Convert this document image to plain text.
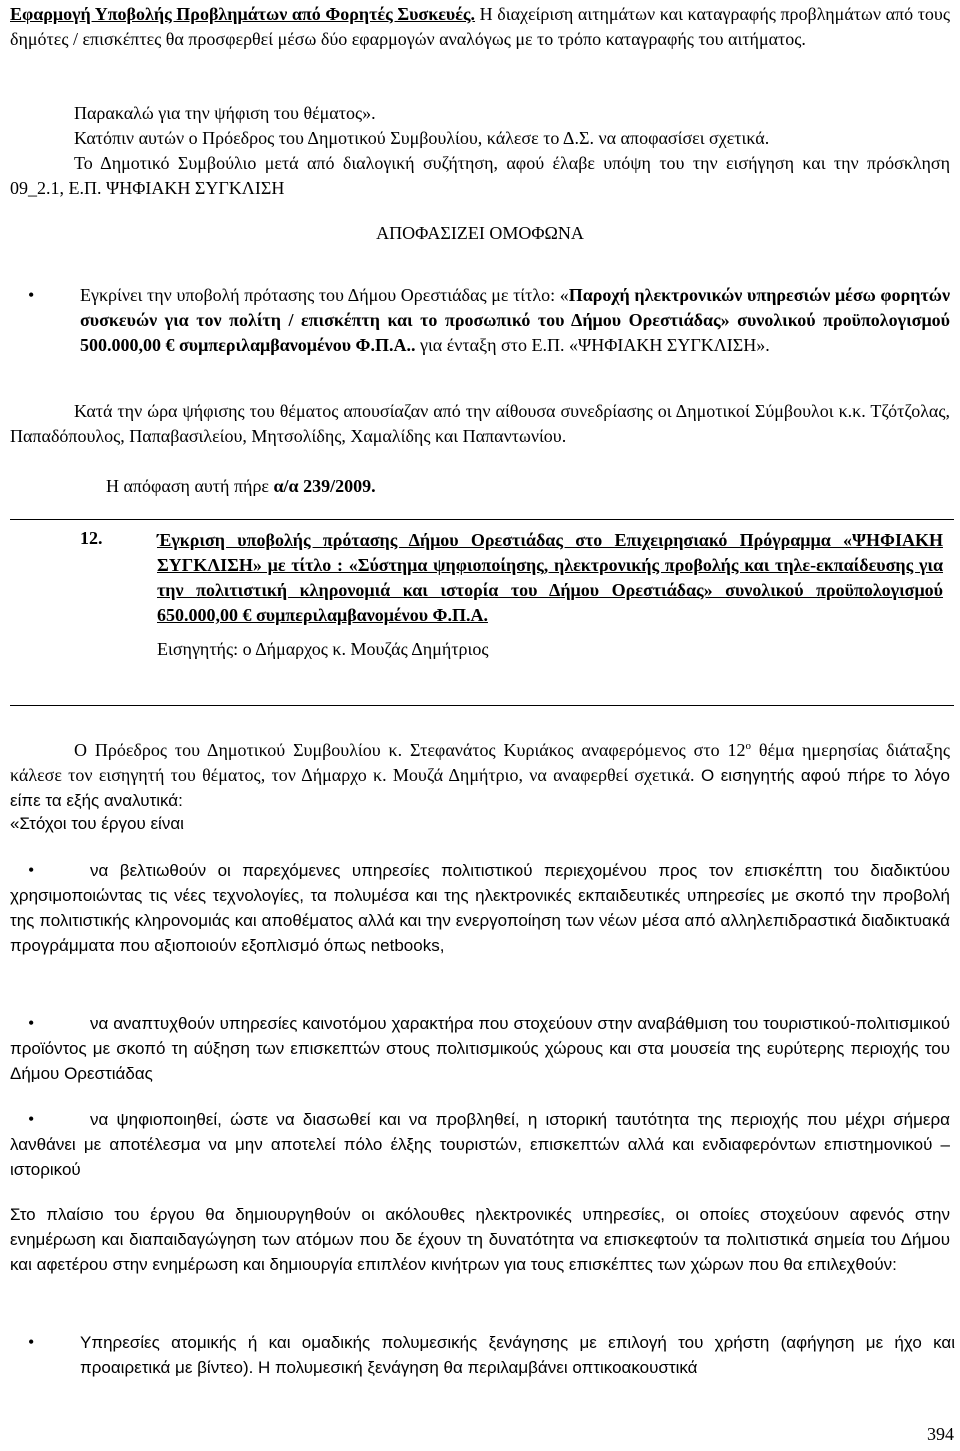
Εφαρμογή Υποβολής Προβλημάτων από Φορητές Συσκευές. Η διαχείριση αιτημάτων και καταγραφής προβλημάτων από τους δημότες / επισκέπτες θα προσφερθεί μέσω δύο εφαρμογών αναλόγως με το τρόπο καταγραφής του αιτήματος.

Παρακαλώ για την ψήφιση του θέματος».

Κατόπιν αυτών ο Πρόεδρος του Δημοτικού Συμβουλίου, κάλεσε το Δ.Σ. να αποφασίσει σχετικά.

Το Δημοτικό Συμβούλιο μετά από διαλογική συζήτηση, αφού έλαβε υπόψη του την εισήγηση και την πρόσκληση 09_2.1, Ε.Π. ΨΗΦΙΑΚΗ ΣΥΓΚΛΙΣΗ

ΑΠΟΦΑΣΙΖΕΙ ΟΜΟΦΩΝΑ

•	Εγκρίνει την υποβολή πρότασης του Δήμου Ορεστιάδας με τίτλο: «Παροχή ηλεκτρονικών υπηρεσιών μέσω φορητών συσκευών για τον πολίτη / επισκέπτη και το προσωπικό του Δήμου Ορεστιάδας» συνολικού προϋπολογισμού 500.000,00 € συμπεριλαμβανομένου Φ.Π.Α.. για ένταξη στο Ε.Π. «ΨΗΦΙΑΚΗ ΣΥΓΚΛΙΣΗ».

Κατά την ώρα ψήφισης του θέματος απουσίαζαν από την αίθουσα συνεδρίασης οι Δημοτικοί Σύμβουλοι κ.κ. Τζότζολας, Παπαδόπουλος, Παπαβασιλείου, Μητσολίδης, Χαμαλίδης και Παπαντωνίου.

Η απόφαση αυτή πήρε α/α 239/2009.

12.	Έγκριση υποβολής πρότασης Δήμου Ορεστιάδας στο Επιχειρησιακό Πρόγραμμα «ΨΗΦΙΑΚΗ ΣΥΓΚΛΙΣΗ» με τίτλο : «Σύστημα ψηφιοποίησης, ηλεκτρονικής προβολής και τηλε-εκπαίδευσης για την πολιτιστική κληρονομιά και ιστορία του Δήμου Ορεστιάδας» συνολικού προϋπολογισμού 650.000,00 € συμπεριλαμβανομένου Φ.Π.Α.

Εισηγητής: ο Δήμαρχος κ. Μουζάς Δημήτριος

Ο Πρόεδρος του Δημοτικού Συμβουλίου κ. Στεφανάτος Κυριάκος αναφερόμενος στο $12^o$ θέμα ημερησίας διάταξης κάλεσε τον εισηγητή του θέματος, τον Δήμαρχο κ. Μουζά Δημήτριο, να αναφερθεί σχετικά. Ο εισηγητής αφού πήρε το λόγο είπε τα εξής αναλυτικά:

«Στόχοι του έργου είναι

•	να βελτιωθούν οι παρεχόμενες υπηρεσίες πολιτιστικού περιεχομένου προς τον επισκέπτη του διαδικτύου χρησιμοποιώντας τις νέες τεχνολογίες, τα πολυμέσα και της ηλεκτρονικές εκπαιδευτικές υπηρεσίες με σκοπό την προβολή της πολιτιστικής κληρονομιάς και αποθέματος αλλά και την ενεργοποίηση των νέων μέσα από αλληλεπιδραστικά διαδικτυακά προγράμματα που αξιοποιούν εξοπλισμό όπως netbooks,

•	να αναπτυχθούν υπηρεσίες καινοτόμου χαρακτήρα που στοχεύουν στην αναβάθμιση του τουριστικού-πολιτισμικού προϊόντος με σκοπό τη αύξηση των επισκεπτών στους πολιτισμικούς χώρους και στα μουσεία της ευρύτερης περιοχής του Δήμου Ορεστιάδας

•	να ψηφιοποιηθεί, ώστε να διασωθεί και να προβληθεί, η ιστορική ταυτότητα της περιοχής που μέχρι σήμερα λανθάνει με αποτέλεσμα να μην αποτελεί πόλο έλξης τουριστών, επισκεπτών αλλά και ενδιαφερόντων επιστημονικού – ιστορικού

Στο πλαίσιο του έργου θα δημιουργηθούν οι ακόλουθες ηλεκτρονικές υπηρεσίες, οι οποίες στοχεύουν αφενός στην ενημέρωση και διαπαιδαγώγηση των ατόμων που δε έχουν τη δυνατότητα να επισκεφτούν τα πολιτιστικά σημεία του Δήμου και αφετέρου στην ενημέρωση και δημιουργία επιπλέον κινήτρων για τους επισκέπτες των χώρων που θα επιλεχθούν:

•	Υπηρεσίες ατομικής ή και ομαδικής πολυμεσικής ξενάγησης με επιλογή του χρήστη (αφήγηση με ήχο και προαιρετικά με βίντεο). Η πολυμεσική ξενάγηση θα περιλαμβάνει οπτικοακουστικά

394
